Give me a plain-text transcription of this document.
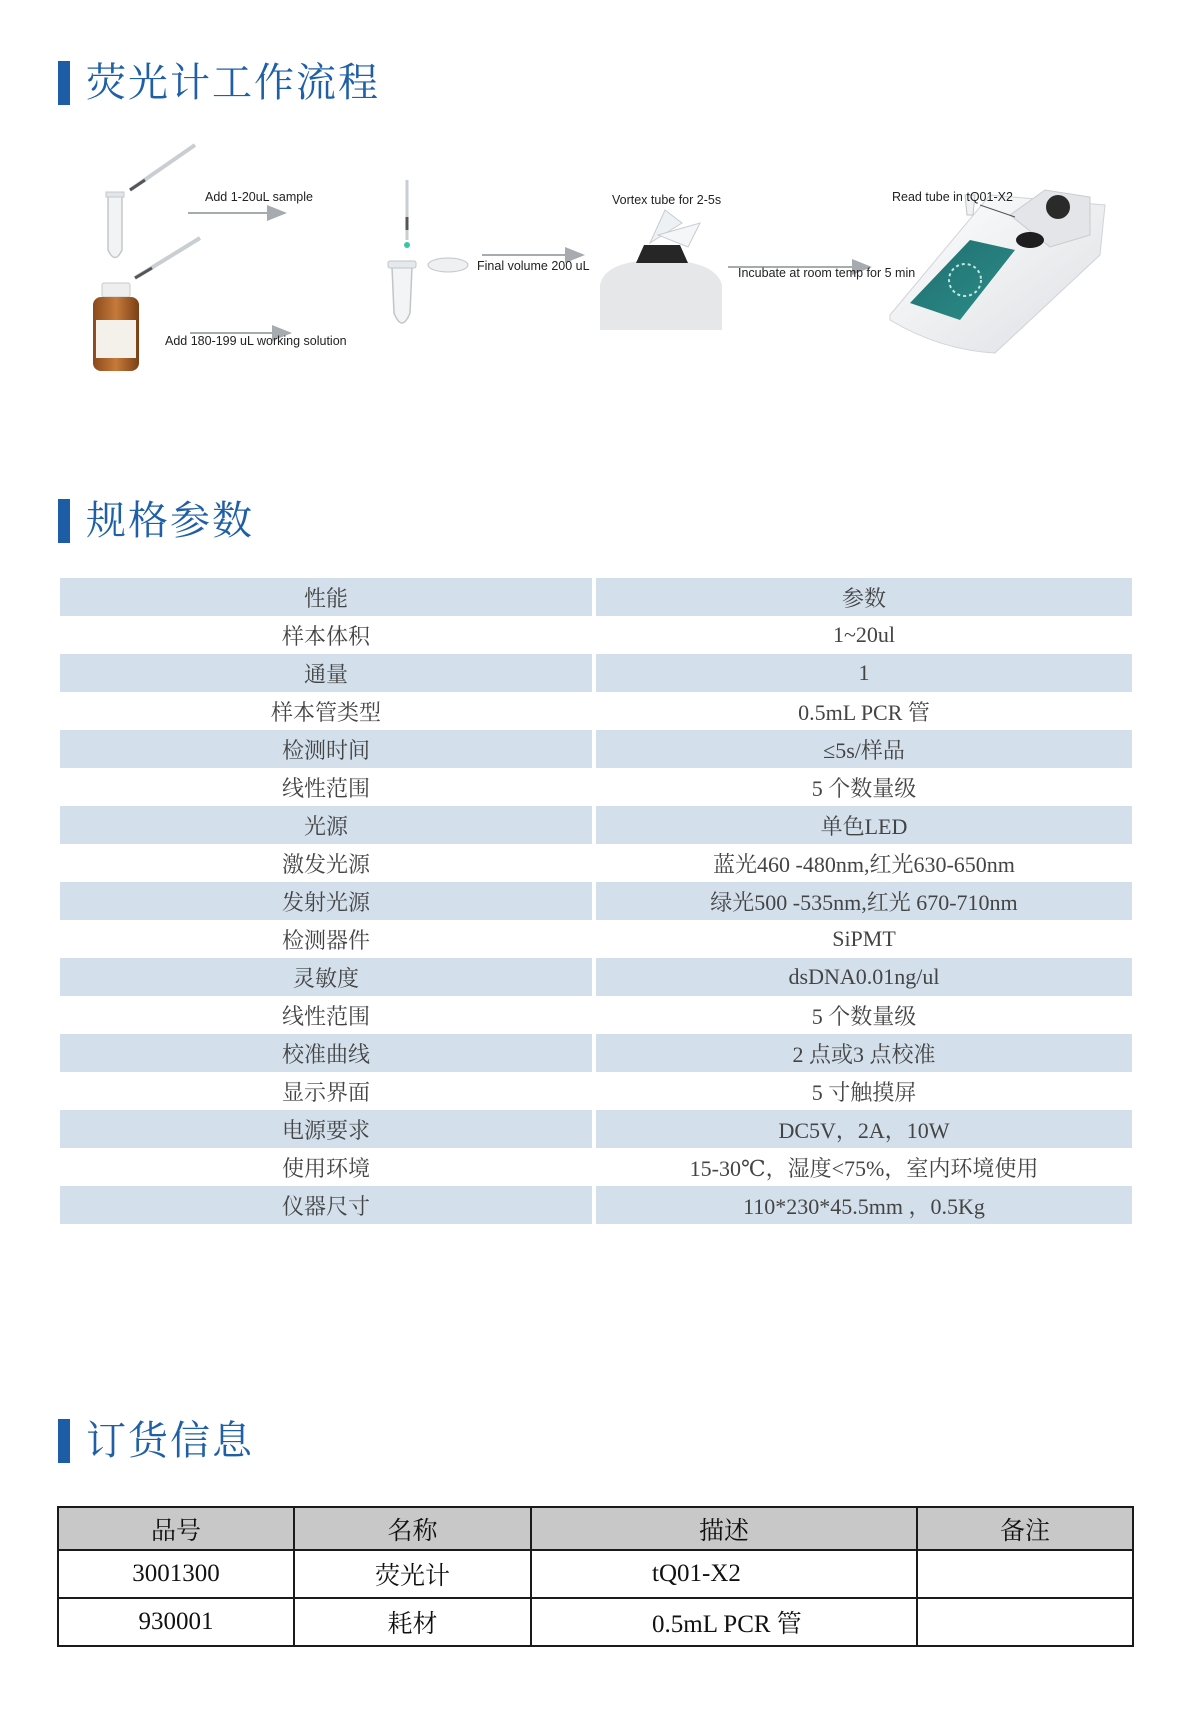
荧光计工作流程
Add 1-20uL sample
Add 180-199 uL working solution
Final volume 200 uL
Vortex tube for 2-5s
Incubate at room temp for 5 min
Read tube in tQ01-X2
规格参数
性能	参数
样本体积	1~20ul
通量	1
样本管类型	0.5mL PCR 管
检测时间	≤5s/样品
线性范围	5 个数量级
光源	单色LED
激发光源	蓝光460 -480nm,红光630-650nm
发射光源	绿光500 -535nm,红光 670-710nm
检测器件	SiPMT
灵敏度	dsDNA0.01ng/ul
线性范围	5 个数量级
校准曲线	2 点或3 点校准
显示界面	5 寸触摸屏
电源要求	DC5V，2A，10W
使用环境	15-30℃，湿度<75%，室内环境使用
仪器尺寸	110*230*45.5mm ，0.5Kg
订货信息
品号	名称	描述	备注
3001300	荧光计	tQ01-X2	
930001	耗材	0.5mL PCR 管	
